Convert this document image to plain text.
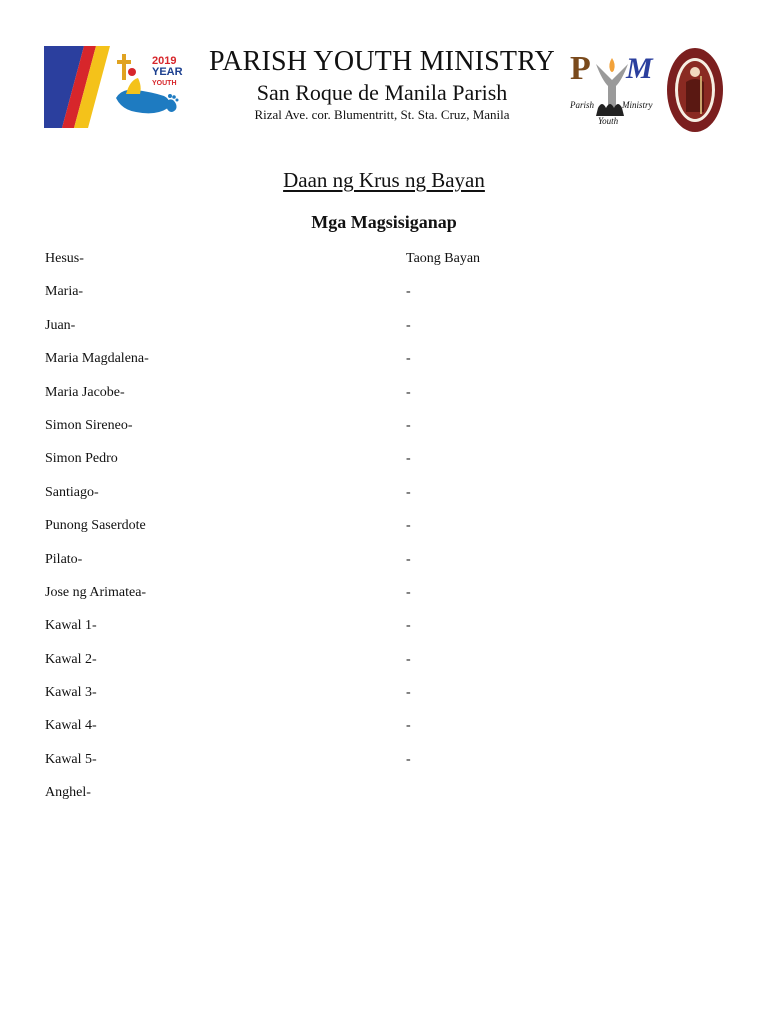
2019
YEAR
YOUTH
PARISH YOUTH MINISTRY
San Roque de Manila Parish
Rizal Ave. cor. Blumentritt, St. Sta. Cruz, Manila
P M
Parish	Ministry
Youth
Daan ng Krus ng Bayan
Mga Magsisiganap
Hesus-	Taong Bayan
Maria-	-
Juan-	-
Maria Magdalena-	-
Maria Jacobe-	-
Simon Sireneo-	-
Simon Pedro	-
Santiago-	-
Punong Saserdote	-
Pilato-	-
Jose ng Arimatea-	-
Kawal 1-	-
Kawal 2-	-
Kawal 3-	-
Kawal 4-	-
Kawal 5-	-
Anghel-
